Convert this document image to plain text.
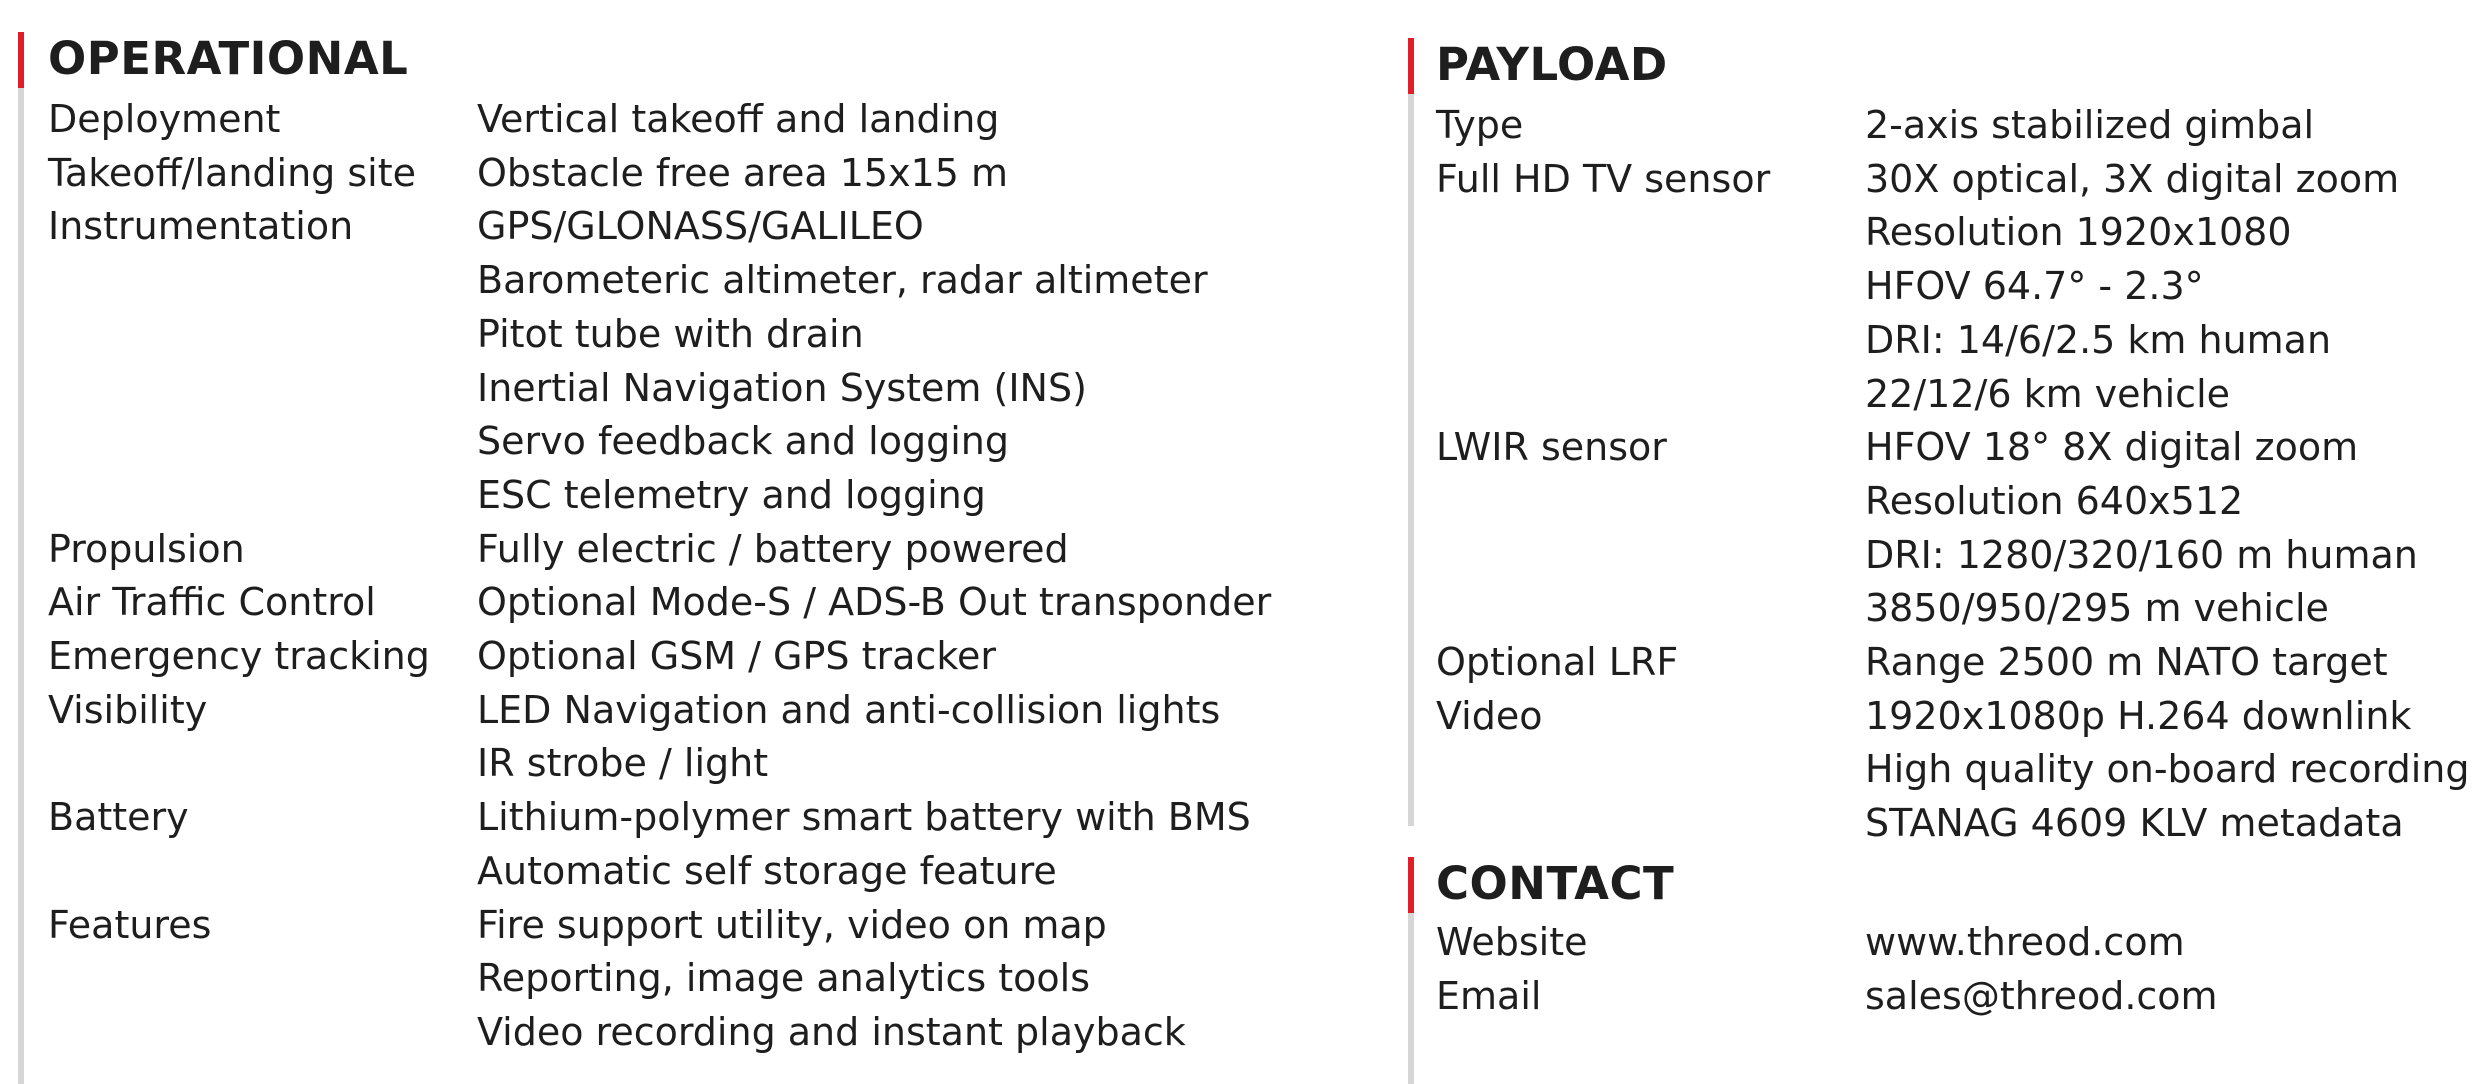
OPERATIONAL
Deployment	Vertical takeoff and landing
Takeoff/landing site	Obstacle free area 15x15 m
Instrumentation	GPS/GLONASS/GALILEO
Barometeric altimeter, radar altimeter
Pitot tube with drain
Inertial Navigation System (INS)
Servo feedback and logging
ESC telemetry and logging
Propulsion	Fully electric / battery powered
Air Traffic Control	Optional Mode-S / ADS-B Out transponder
Emergency tracking	Optional GSM / GPS tracker
Visibility	LED Navigation and anti-collision lights
IR strobe / light
Battery	Lithium-polymer smart battery with BMS
Automatic self storage feature
Features	Fire support utility, video on map
Reporting, image analytics tools
Video recording and instant playback
PAYLOAD
Type	2-axis stabilized gimbal
Full HD TV sensor	30X optical, 3X digital zoom
Resolution 1920x1080
HFOV 64.7° - 2.3°
DRI: 14/6/2.5 km human
22/12/6 km vehicle
LWIR sensor	HFOV 18° 8X digital zoom
Resolution 640x512
DRI: 1280/320/160 m human
3850/950/295 m vehicle
Optional LRF	Range 2500 m NATO target
Video	1920x1080p H.264 downlink
High quality on-board recording
STANAG 4609 KLV metadata
CONTACT
Website	www.threod.com
Email	sales@threod.com
